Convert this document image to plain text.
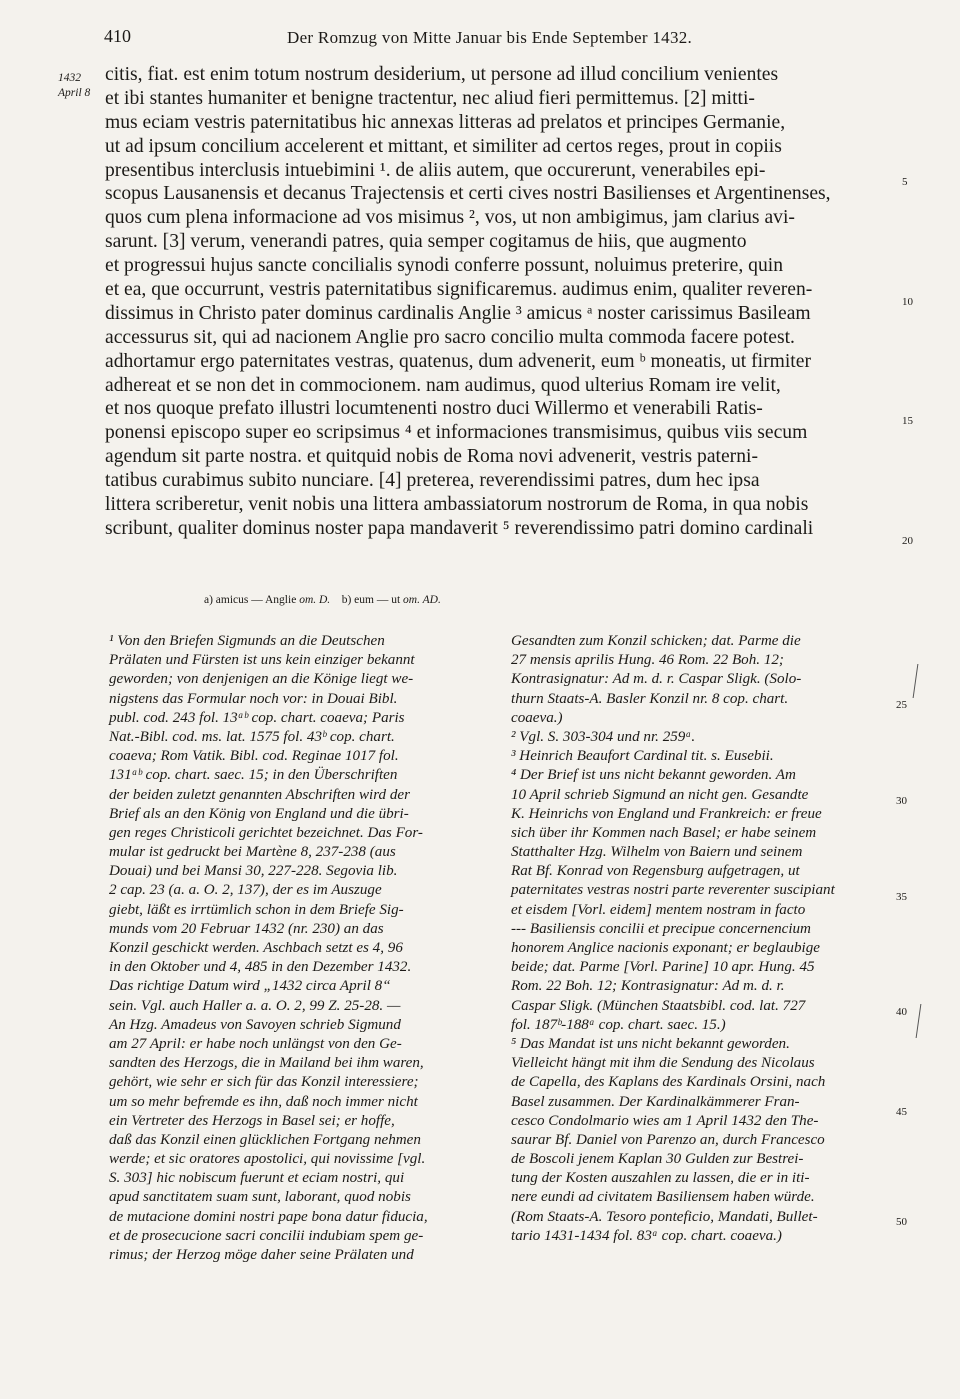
410	Der Romzug von Mitte Januar bis Ende September 1432.
1432
April 8
citis, fiat. est enim totum nostrum desiderium, ut persone ad illud concilium venientes
et ibi stantes humaniter et benigne tractentur, nec aliud fieri permittemus. [2] mitti-
mus eciam vestris paternitatibus hic annexas litteras ad prelatos et principes Germanie,
ut ad ipsum concilium accelerent et mittant, et similiter ad certos reges, prout in copiis
presentibus interclusis intuebimini ¹. de aliis autem, que occurerunt, venerabiles epi-
scopus Lausanensis et decanus Trajectensis et certi cives nostri Basilienses et Argentinenses,
quos cum plena informacione ad vos misimus ², vos, ut non ambigimus, jam clarius avi-
sarunt. [3] verum, venerandi patres, quia semper cogitamus de hiis, que augmento
et progressui hujus sancte concilialis synodi conferre possunt, noluimus preterire, quin
et ea, que occurrunt, vestris paternitatibus significaremus. audimus enim, qualiter reveren-
dissimus in Christo pater dominus cardinalis Anglie ³ amicus ᵃ noster carissimus Basileam
accessurus sit, qui ad nacionem Anglie pro sacro concilio multa commoda facere potest.
adhortamur ergo paternitates vestras, quatenus, dum advenerit, eum ᵇ moneatis, ut firmiter
adhereat et se non det in commocionem. nam audimus, quod ulterius Romam ire velit,
et nos quoque prefato illustri locumtenenti nostro duci Willermo et venerabili Ratis-
ponensi episcopo super eo scripsimus ⁴ et informaciones transmisimus, quibus viis secum
agendum sit parte nostra. et quitquid nobis de Roma novi advenerit, vestris paterni-
tatibus curabimus subito nunciare. [4] preterea, reverendissimi patres, dum hec ipsa
littera scriberetur, venit nobis una littera ambassiatorum nostrorum de Roma, in qua nobis
scribunt, qualiter dominus noster papa mandaverit ⁵ reverendissimo patri domino cardinali
5
10
15
20
a) amicus — Anglie om. D. b) eum — ut om. AD.
¹ Von den Briefen Sigmunds an die Deutschen
Prälaten und Fürsten ist uns kein einziger bekannt
geworden; von denjenigen an die Könige liegt we-
nigstens das Formular noch vor: in Douai Bibl.
publ. cod. 243 fol. 13ᵃᵇ cop. chart. coaeva; Paris
Nat.-Bibl. cod. ms. lat. 1575 fol. 43ᵇ cop. chart.
coaeva; Rom Vatik. Bibl. cod. Reginae 1017 fol.
131ᵃᵇ cop. chart. saec. 15; in den Überschriften
der beiden zuletzt genannten Abschriften wird der
Brief als an den König von England und die übri-
gen reges Christicoli gerichtet bezeichnet. Das For-
mular ist gedruckt bei Martène 8, 237-238 (aus
Douai) und bei Mansi 30, 227-228. Segovia lib.
2 cap. 23 (a. a. O. 2, 137), der es im Auszuge
giebt, läßt es irrtümlich schon in dem Briefe Sig-
munds vom 20 Februar 1432 (nr. 230) an das
Konzil geschickt werden. Aschbach setzt es 4, 96
in den Oktober und 4, 485 in den Dezember 1432.
Das richtige Datum wird „1432 circa April 8“
sein. Vgl. auch Haller a. a. O. 2, 99 Z. 25-28. —
An Hzg. Amadeus von Savoyen schrieb Sigmund
am 27 April: er habe noch unlängst von den Ge-
sandten des Herzogs, die in Mailand bei ihm waren,
gehört, wie sehr er sich für das Konzil interessiere;
um so mehr befremde es ihn, daß noch immer nicht
ein Vertreter des Herzogs in Basel sei; er hoffe,
daß das Konzil einen glücklichen Fortgang nehmen
werde; et sic oratores apostolici, qui novissime [vgl.
S. 303] hic nobiscum fuerunt et eciam nostri, qui
apud sanctitatem suam sunt, laborant, quod nobis
de mutacione domini nostri pape bona datur fiducia,
et de prosecucione sacri concilii indubiam spem ge-
rimus; der Herzog möge daher seine Prälaten und
Gesandten zum Konzil schicken; dat. Parme die
27 mensis aprilis Hung. 46 Rom. 22 Boh. 12;
Kontrasignatur: Ad m. d. r. Caspar Sligk. (Solo-
thurn Staats-A. Basler Konzil nr. 8 cop. chart.
coaeva.)
² Vgl. S. 303-304 und nr. 259ᵃ.
³ Heinrich Beaufort Cardinal tit. s. Eusebii.
⁴ Der Brief ist uns nicht bekannt geworden. Am
10 April schrieb Sigmund an nicht gen. Gesandte
K. Heinrichs von England und Frankreich: er freue
sich über ihr Kommen nach Basel; er habe seinem
Statthalter Hzg. Wilhelm von Baiern und seinem
Rat Bf. Konrad von Regensburg aufgetragen, ut
paternitates vestras nostri parte reverenter suscipiant
et eisdem [Vorl. eidem] mentem nostram in facto
--- Basiliensis concilii et precipue concernencium
honorem Anglice nacionis exponant; er beglaubige
beide; dat. Parme [Vorl. Parine] 10 apr. Hung. 45
Rom. 22 Boh. 12; Kontrasignatur: Ad m. d. r.
Caspar Sligk. (München Staatsbibl. cod. lat. 727
fol. 187ᵇ-188ᵃ cop. chart. saec. 15.)
⁵ Das Mandat ist uns nicht bekannt geworden.
Vielleicht hängt mit ihm die Sendung des Nicolaus
de Capella, des Kaplans des Kardinals Orsini, nach
Basel zusammen. Der Kardinalkämmerer Fran-
cesco Condolmario wies am 1 April 1432 den The-
saurar Bf. Daniel von Parenzo an, durch Francesco
de Boscoli jenem Kaplan 30 Gulden zur Bestrei-
tung der Kosten auszahlen zu lassen, die er in iti-
nere eundi ad civitatem Basiliensem haben würde.
(Rom Staats-A. Tesoro ponteficio, Mandati, Bullet-
tario 1431-1434 fol. 83ᵃ cop. chart. coaeva.)
25
30
35
40
45
50
